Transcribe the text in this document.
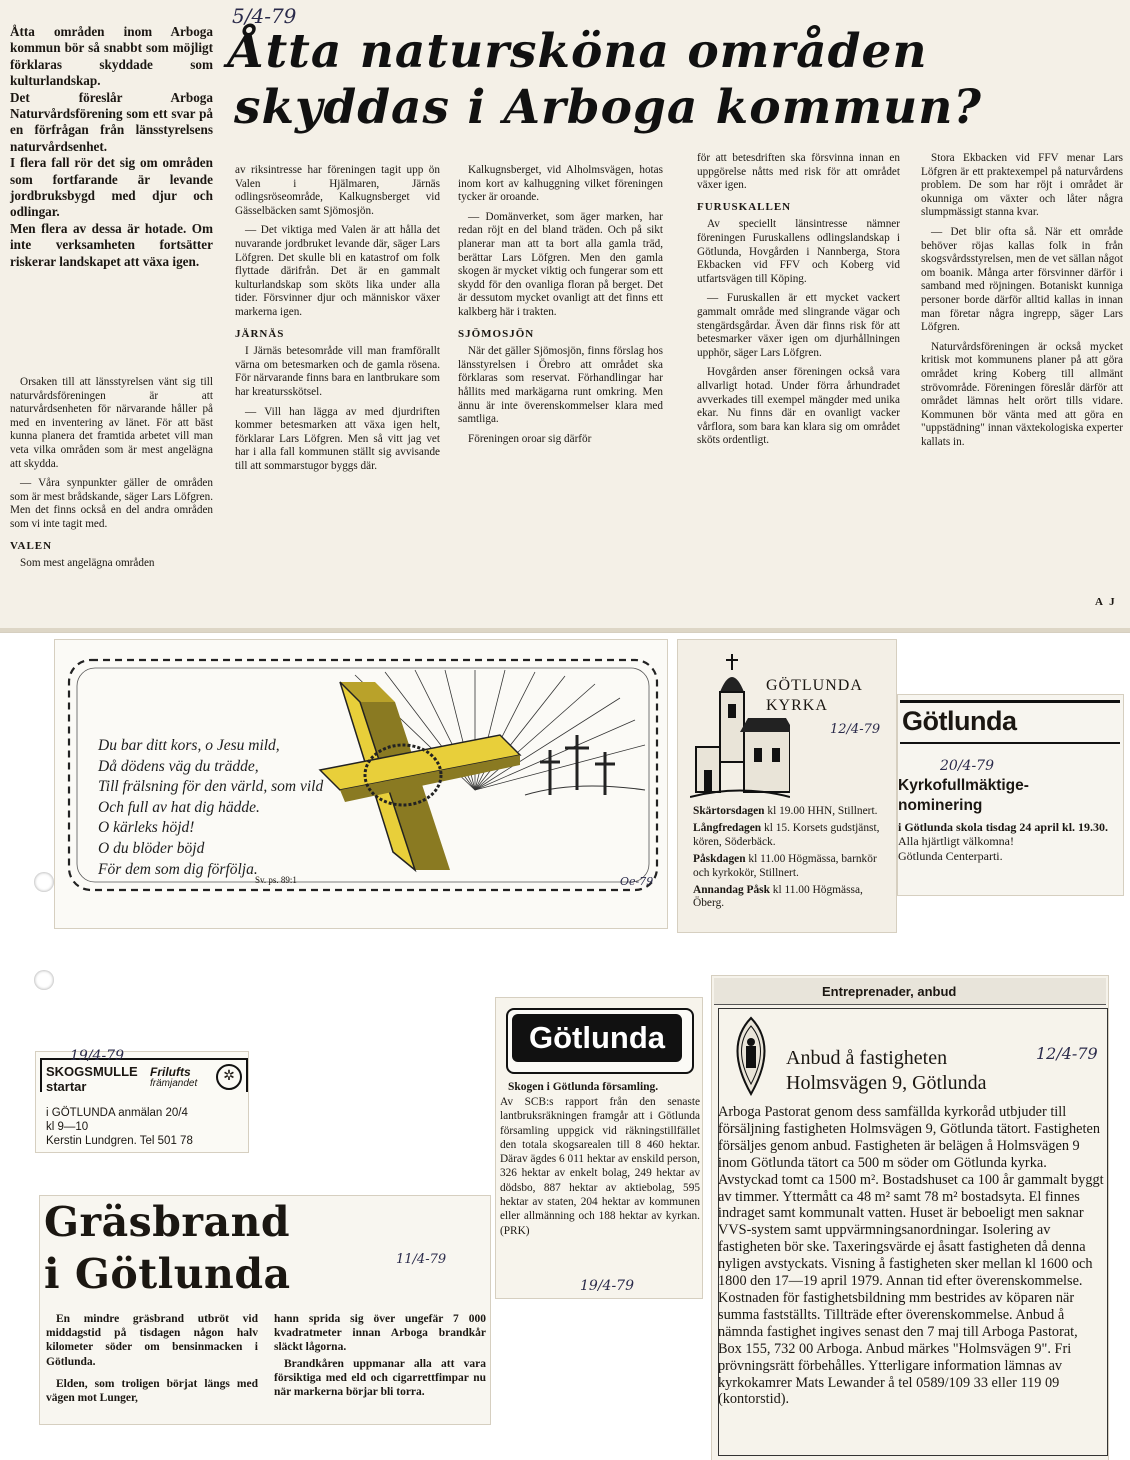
5/4-79
Åtta natursköna områden
skyddas i Arboga kommun?

Åtta områden inom Arboga kommun bör så snabbt som möjligt förklaras skyddade som kulturlandskap.

Det föreslår Arboga Naturvårdsförening som ett svar på en förfrågan från länsstyrelsens naturvårdsenhet.

I flera fall rör det sig om områden som fortfarande är levande jordbruksbygd med djur och odlingar.

Men flera av dessa är hotade. Om inte verksamheten fortsätter riskerar landskapet att växa igen.

Orsaken till att länsstyrelsen vänt sig till naturvårdsföreningen är att naturvårdsenheten för närvarande håller på med en inventering av länet. För att bäst kunna planera det framtida arbetet vill man veta vilka områden som är mest angelägna att skydda.

— Våra synpunkter gäller de områden som är mest brådskande, säger Lars Löfgren. Men det finns också en del andra områden som vi inte tagit med.

VALEN

Som mest angelägna områden

av riksintresse har föreningen tagit upp ön Valen i Hjälmaren, Järnäs odlingsröseområde, Kalkugnsberget vid Gässelbäcken samt Sjömosjön.

— Det viktiga med Valen är att hålla det nuvarande jordbruket levande där, säger Lars Löfgren. Det skulle bli en katastrof om folk flyttade därifrån. Det är en gammalt kulturlandskap som sköts lika under alla tider. Försvinner djur och människor växer markerna igen.

JÄRNÄS

I Järnäs betesområde vill man framförallt värna om betesmarken och de gamla rösena. För närvarande finns bara en lantbrukare som har kreatursskötsel.

— Vill han lägga av med djurdriften kommer betesmarken att växa igen helt, förklarar Lars Löfgren. Men så vitt jag vet har i alla fall kommunen ställt sig avvisande till att sommarstugor byggs där.

Kalkugnsberget, vid Alholmsvägen, hotas inom kort av kalhuggning vilket föreningen tycker är oroande.

— Domänverket, som äger marken, har redan röjt en del bland träden. Och på sikt planerar man att ta bort alla gamla träd, berättar Lars Löfgren. Men den gamla skogen är mycket viktig och fungerar som ett skydd för den ovanliga floran på berget. Det är dessutom mycket ovanligt att det finns ett kalkberg här i trakten.

SJÖMOSJÖN

När det gäller Sjömosjön, finns förslag hos länsstyrelsen i Örebro att området ska förklaras som reservat. Förhandlingar har hållits med markägarna runt omkring. Men ännu är inte överenskommelser klara med samtliga.

Föreningen oroar sig därför

för att betesdriften ska försvinna innan en uppgörelse nåtts med risk för att området växer igen.

FURUSKALLEN

Av speciellt länsintresse nämner föreningen Furuskallens odlingslandskap i Götlunda, Hovgården i Nannberga, Stora Ekbacken vid FFV och Koberg vid utfartsvägen till Köping.

— Furuskallen är ett mycket vackert gammalt område med slingrande vägar och stengärdsgårdar. Även där finns risk för att betesmarker växer igen om djurhållningen upphör, säger Lars Löfgren.

Hovgården anser föreningen också vara allvarligt hotad. Under förra århundradet avverkades till exempel mängder med unika ekar. Nu finns där en ovanligt vacker vårflora, som bara kan klara sig om området sköts ordentligt.

Stora Ekbacken vid FFV menar Lars Löfgren är ett praktexempel på naturvårdens problem. De som har röjt i området är okunniga om växter och låter några slumpmässigt stanna kvar.

— Det blir ofta så. När ett område behöver röjas kallas folk in från skogsvårdsstyrelsen, men de vet sällan något om boanik. Många arter försvinner därför i samband med röjningen. Botaniskt kunniga personer borde därför alltid kallas in innan man företar några ingrepp, säger Lars Löfgren.

Naturvårdsföreningen är också mycket kritisk mot kommunens planer på att göra området kring Koberg till allmänt strövområde. Föreningen föreslår därför att området lämnas helt orört tills vidare. Kommunen bör vänta med att göra en "uppstädning" innan växtekologiska experter kallats in.

A J
Du bar ditt kors, o Jesu mild,
Då dödens väg du trädde,
Till frälsning för den värld, som vild
Och full av hat dig hädde.
O kärleks höjd!
O du blöder böjd
För dem som dig förfölja.
Sv. ps. 89:1	Oe-79
GÖTLUNDA
KYRKA
12/4-79
Skärtorsdagen kl 19.00 HHN, Stillnert.
Långfredagen kl 15. Korsets gudstjänst, kören, Söderbäck.
Påskdagen kl 11.00 Högmässa, barnkör och kyrkokör, Stillnert.
Annandag Påsk kl 11.00 Högmässa, Öberg.
Götlunda
20/4-79
Kyrkofullmäktige-nominering
i Götlunda skola tisdag 24 april kl. 19.30.
Alla hjärtligt välkomna!
Götlunda Centerparti.
19/4-79
SKOGSMULLE
startar
Frilufts
främjandet	✲
i GÖTLUNDA anmälan 20/4
kl 9—10
Kerstin Lundgren. Tel 501 78
Götlunda
Skogen i Götlunda församling.
Av SCB:s rapport från den senaste lantbruksräkningen framgår att i Götlunda församling uppgick vid räkningstillfället den totala skogsarealen till 8 460 hektar. Därav ägdes 6 011 hektar av enskild person, 326 hektar av enkelt bolag, 249 hektar av dödsbo, 887 hektar av aktiebolag, 595 hektar av staten, 204 hektar av kommunen eller allmänning och 188 hektar av kyrkan. (PRK)
19/4-79
Gräsbrand
i Götlunda	11/4-79

En mindre gräsbrand utbröt vid middagstid på tisdagen någon halv kilometer söder om bensinmacken i Götlunda.

Elden, som troligen börjat längs med vägen mot Lunger,

hann sprida sig över ungefär 7 000 kvadratmeter innan Arboga brandkår släckt lågorna.

Brandkåren uppmanar alla att vara försiktiga med eld och cigarrettfimpar nu när markerna börjar bli torra.

Entreprenader, anbud
12/4-79
Anbud å fastigheten
Holmsvägen 9, Götlunda
Arboga Pastorat genom dess samfällda kyrkoråd utbjuder till försäljning fastigheten Holmsvägen 9, Götlunda tätort. Fastigheten försäljes genom anbud. Fastigheten är belägen å Holmsvägen 9 inom Götlunda tätort ca 500 m söder om Götlunda kyrka. Avstyckad tomt ca 1500 m². Bostadshuset ca 100 år gammalt byggt av timmer. Yttermått ca 48 m² samt 78 m² bostadsyta. El finnes indraget samt kommunalt vatten. Huset är beboeligt men saknar VVS-system samt uppvärmningsanordningar. Isolering av fastigheten bör ske. Taxeringsvärde ej åsatt fastigheten då denna nyligen avstyckats. Visning å fastigheten sker mellan kl 1600 och 1800 den 17—19 april 1979. Annan tid efter överenskommelse. Kostnaden för fastighetsbildning mm bestrides av köparen när summa fastställts. Tillträde efter överenskommelse. Anbud å nämnda fastighet ingives senast den 7 maj till Arboga Pastorat, Box 155, 732 00 Arboga. Anbud märkes "Holmsvägen 9". Fri prövningsrätt förbehålles. Ytterligare information lämnas av kyrkokamrer Mats Lewander å tel 0589/109 33 eller 119 09 (kontorstid).
